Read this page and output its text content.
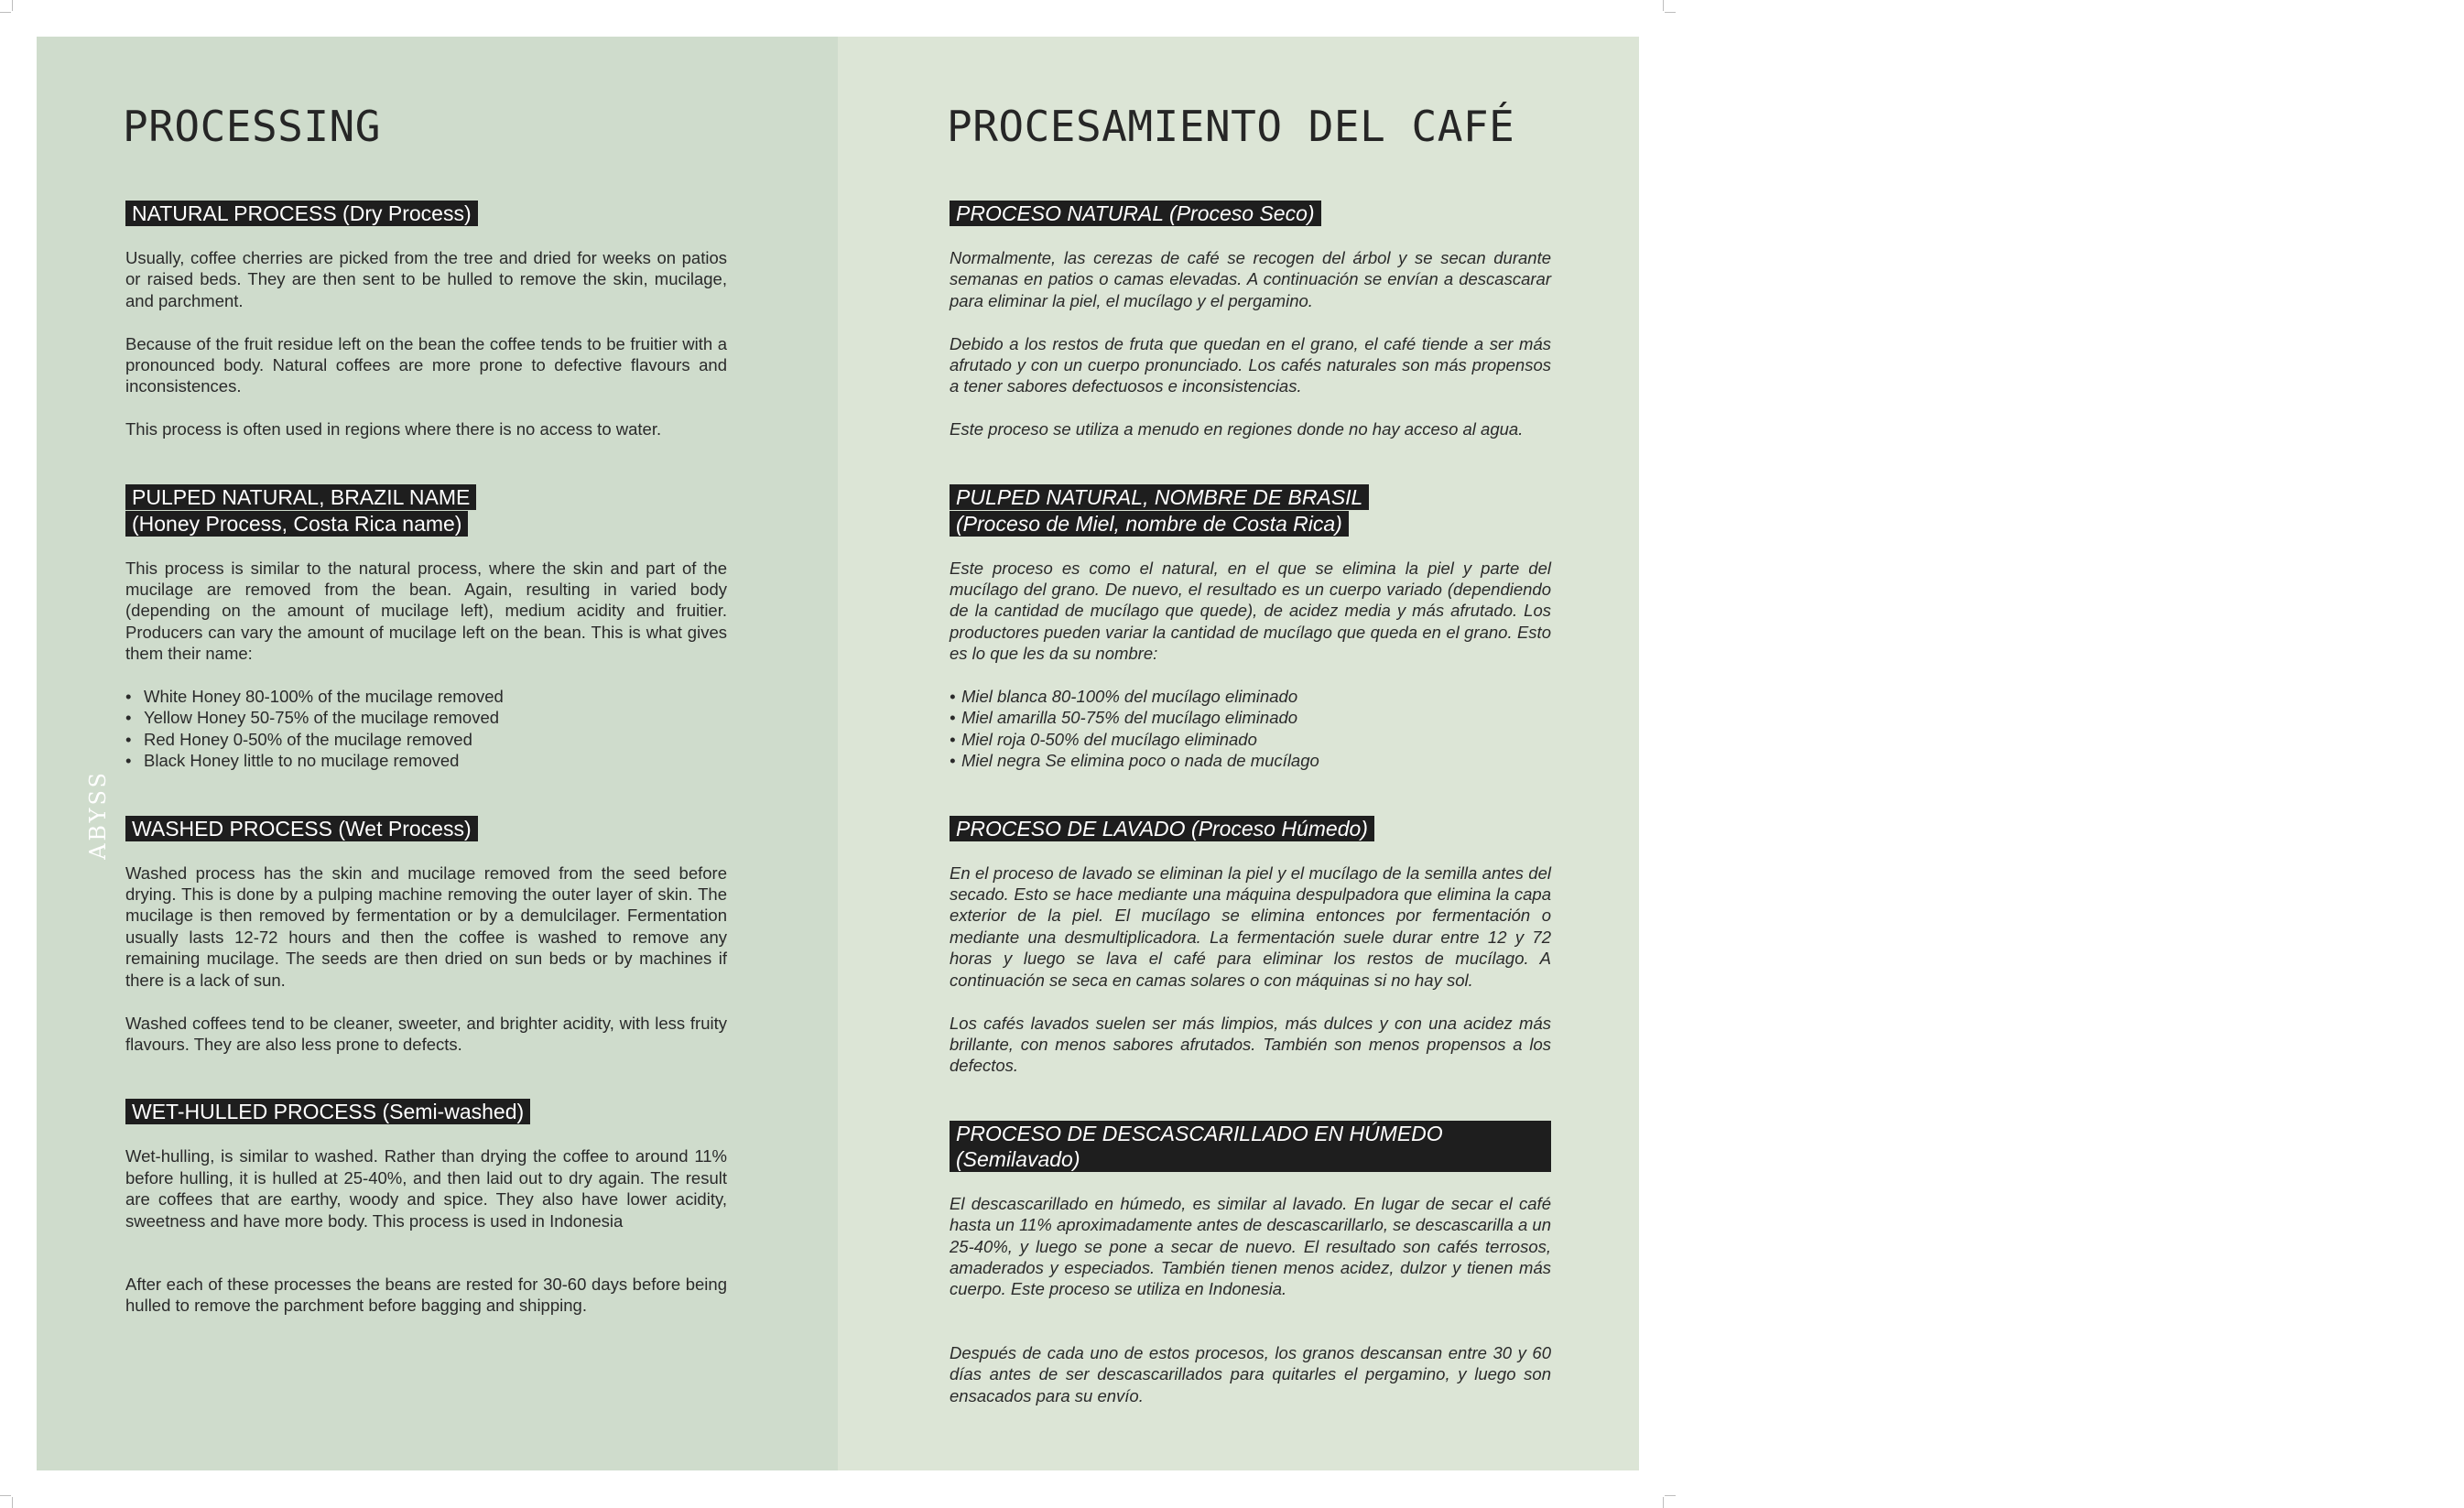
PROCESSING
NATURAL PROCESS (Dry Process)

Usually, coffee cherries are picked from the tree and dried for weeks on patios or raised beds. They are then sent to be hulled to remove the skin, mucilage, and parchment.

Because of the fruit residue left on the bean the coffee tends to be fruitier with a pronounced body. Natural coffees are more prone to defective flavours and inconsistences.

This process is often used in regions where there is no access to water.

PULPED NATURAL, BRAZIL NAME
(Honey Process, Costa Rica name)

This process is similar to the natural process, where the skin and part of the mucilage are removed from the bean. Again, resulting in varied body (depending on the amount of mucilage left), medium acidity and fruitier. Producers can vary the amount of mucilage left on the bean. This is what gives them their name:

• White Honey 80-100% of the mucilage removed
• Yellow Honey 50-75% of the mucilage removed
• Red Honey 0-50% of the mucilage removed
• Black Honey little to no mucilage removed
WASHED PROCESS (Wet Process)

Washed process has the skin and mucilage removed from the seed before drying. This is done by a pulping machine removing the outer layer of skin. The mucilage is then removed by fermentation or by a demulcilager. Fermentation usually lasts 12-72 hours and then the coffee is washed to remove any remaining mucilage. The seeds are then dried on sun beds or by machines if there is a lack of sun.

Washed coffees tend to be cleaner, sweeter, and brighter acidity, with less fruity flavours. They are also less prone to defects.

WET-HULLED PROCESS (Semi-washed)

Wet-hulling, is similar to washed. Rather than drying the coffee to around 11% before hulling, it is hulled at 25-40%, and then laid out to dry again. The result are coffees that are earthy, woody and spice. They also have lower acidity, sweetness and have more body. This process is used in Indonesia

After each of these processes the beans are rested for 30-60 days before being hulled to remove the parchment before bagging and shipping.

ABYSS
PROCESAMIENTO DEL CAFÉ
PROCESO NATURAL (Proceso Seco)

Normalmente, las cerezas de café se recogen del árbol y se secan durante semanas en patios o camas elevadas. A continuación se envían a descascarar para eliminar la piel, el mucílago y el pergamino.

Debido a los restos de fruta que quedan en el grano, el café tiende a ser más afrutado y con un cuerpo pronunciado. Los cafés naturales son más propensos a tener sabores defectuosos e inconsistencias.

Este proceso se utiliza a menudo en regiones donde no hay acceso al agua.

PULPED NATURAL, NOMBRE DE BRASIL
(Proceso de Miel, nombre de Costa Rica)

Este proceso es como el natural, en el que se elimina la piel y parte del mucílago del grano. De nuevo, el resultado es un cuerpo variado (dependiendo de la cantidad de mucílago que quede), de acidez media y más afrutado. Los productores pueden variar la cantidad de mucílago que queda en el grano. Esto es lo que les da su nombre:

• Miel blanca 80-100% del mucílago eliminado
• Miel amarilla 50-75% del mucílago eliminado
• Miel roja 0-50% del mucílago eliminado
• Miel negra Se elimina poco o nada de mucílago
PROCESO DE LAVADO (Proceso Húmedo)

En el proceso de lavado se eliminan la piel y el mucílago de la semilla antes del secado. Esto se hace mediante una máquina despulpadora que elimina la capa exterior de la piel. El mucílago se elimina entonces por fermentación o mediante una desmultiplicadora. La fermentación suele durar entre 12 y 72 horas y luego se lava el café para eliminar los restos de mucílago. A continuación se seca en camas solares o con máquinas si no hay sol.

Los cafés lavados suelen ser más limpios, más dulces y con una acidez más brillante, con menos sabores afrutados. También son menos propensos a los defectos.

PROCESO DE DESCASCARILLADO EN HÚMEDO (Semilavado)

El descascarillado en húmedo, es similar al lavado. En lugar de secar el café hasta un 11% aproximadamente antes de descascarillarlo, se descascarilla a un 25-40%, y luego se pone a secar de nuevo. El resultado son cafés terrosos, amaderados y especiados. También tienen menos acidez, dulzor y tienen más cuerpo. Este proceso se utiliza en Indonesia.

Después de cada uno de estos procesos, los granos descansan entre 30 y 60 días antes de ser descascarillados para quitarles el pergamino, y luego son ensacados para su envío.

COFFEE ROASTERS
